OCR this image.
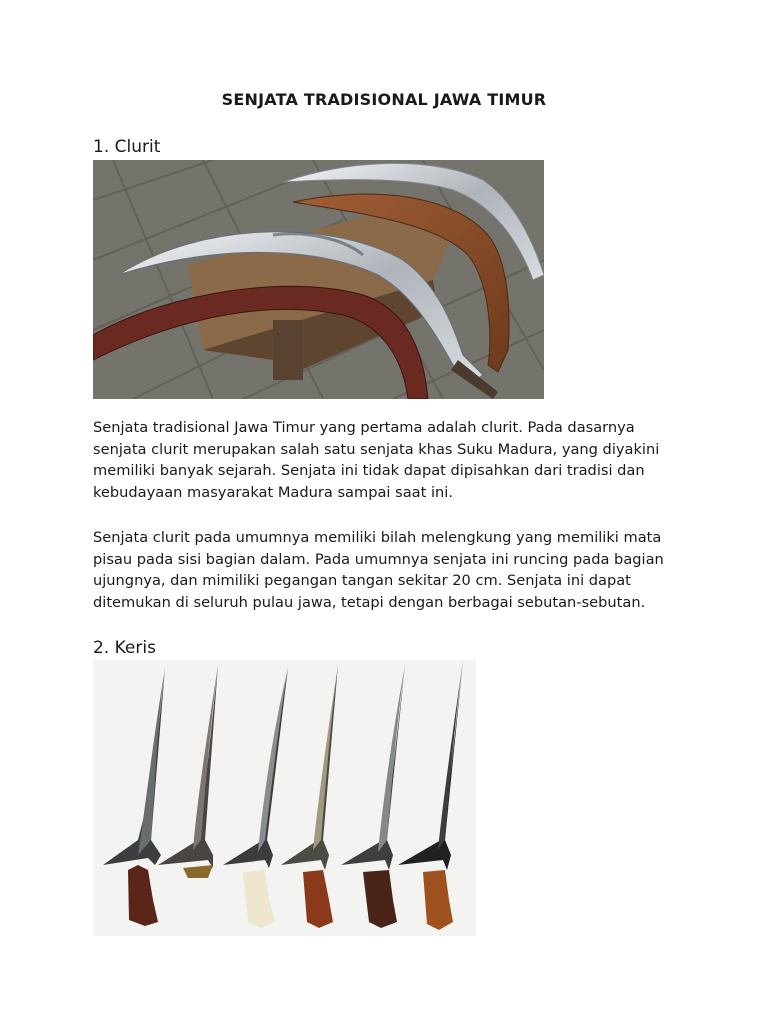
SENJATA TRADISIONAL JAWA TIMUR
1. Clurit
Senjata tradisional Jawa Timur yang pertama adalah clurit. Pada dasarnya senjata clurit merupakan salah satu senjata khas Suku Madura, yang diyakini memiliki banyak sejarah. Senjata ini tidak dapat dipisahkan dari tradisi dan kebudayaan masyarakat Madura sampai saat ini.
Senjata clurit pada umumnya memiliki bilah melengkung yang memiliki mata pisau pada sisi bagian dalam. Pada umumnya senjata ini runcing pada bagian ujungnya, dan mimiliki pegangan tangan sekitar 20 cm. Senjata ini dapat ditemukan di seluruh pulau jawa, tetapi dengan berbagai sebutan-sebutan.
2. Keris
